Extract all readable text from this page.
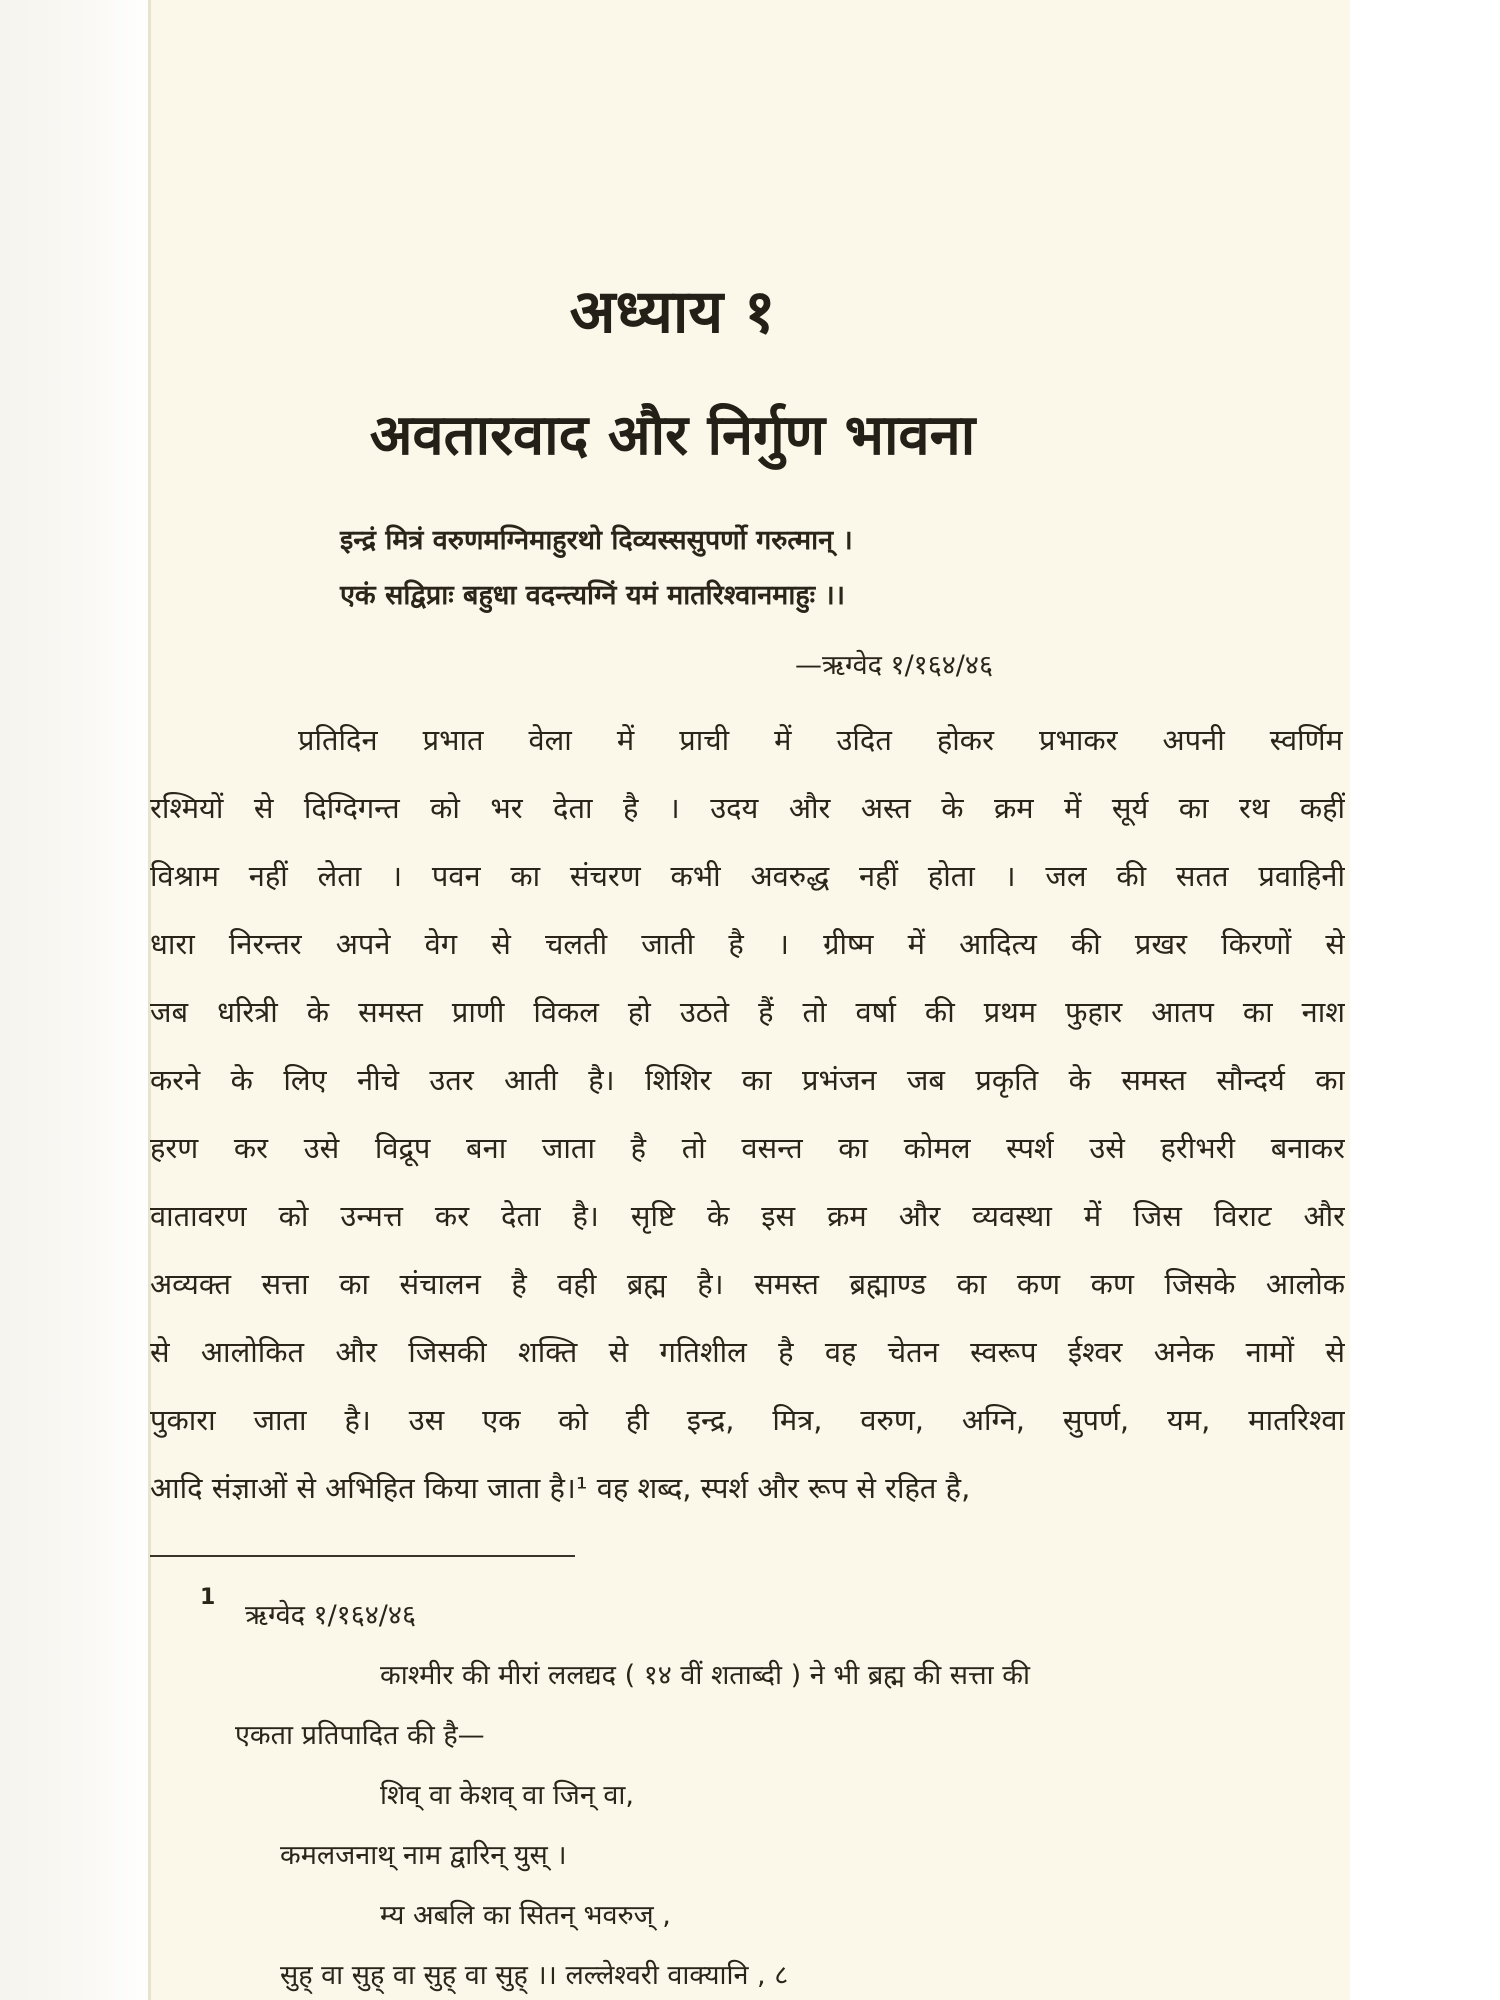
अध्याय १
अवतारवाद और निर्गुण भावना
इन्द्रं मित्रं वरुणमग्निमाहुरथो दिव्यस्ससुपर्णो गरुत्मान् ।
एकं सद्विप्राः बहुधा वदन्त्यग्निं यमं मातरिश्वानमाहुः ।।
—ऋग्वेद १/१६४/४६
प्रतिदिन प्रभात वेला में प्राची में उदित होकर प्रभाकर अपनी स्वर्णिम
रश्मियों से दिग्दिगन्त को भर देता है । उदय और अस्त के क्रम में सूर्य का रथ कहीं
विश्राम नहीं लेता । पवन का संचरण कभी अवरुद्ध नहीं होता । जल की सतत प्रवाहिनी
धारा निरन्तर अपने वेग से चलती जाती है । ग्रीष्म में आदित्य की प्रखर किरणों से
जब धरित्री के समस्त प्राणी विकल हो उठते हैं तो वर्षा की प्रथम फुहार आतप का नाश
करने के लिए नीचे उतर आती है। शिशिर का प्रभंजन जब प्रकृति के समस्त सौन्दर्य का
हरण कर उसे विद्रूप बना जाता है तो वसन्त का कोमल स्पर्श उसे हरीभरी बनाकर
वातावरण को उन्मत्त कर देता है। सृष्टि के इस क्रम और व्यवस्था में जिस विराट और
अव्यक्त सत्ता का संचालन है वही ब्रह्म है। समस्त ब्रह्माण्ड का कण कण जिसके आलोक
से आलोकित और जिसकी शक्ति से गतिशील है वह चेतन स्वरूप ईश्वर अनेक नामों से
पुकारा जाता है। उस एक को ही इन्द्र, मित्र, वरुण, अग्नि, सुपर्ण, यम, मातरिश्वा
आदि संज्ञाओं से अभिहित किया जाता है।¹ वह शब्द, स्पर्श और रूप से रहित है,
1
ऋग्वेद १/१६४/४६
काश्मीर की मीरां ललद्यद ( १४ वीं शताब्दी ) ने भी ब्रह्म की सत्ता की
एकता प्रतिपादित की है—
शिव् वा केशव् वा जिन् वा,
कमलजनाथ् नाम द्वारिन् युस् ।
म्य अबलि का सितन् भवरुज् ,
सुह् वा सुह् वा सुह् वा सुह् ।। लल्लेश्वरी वाक्यानि , ८
